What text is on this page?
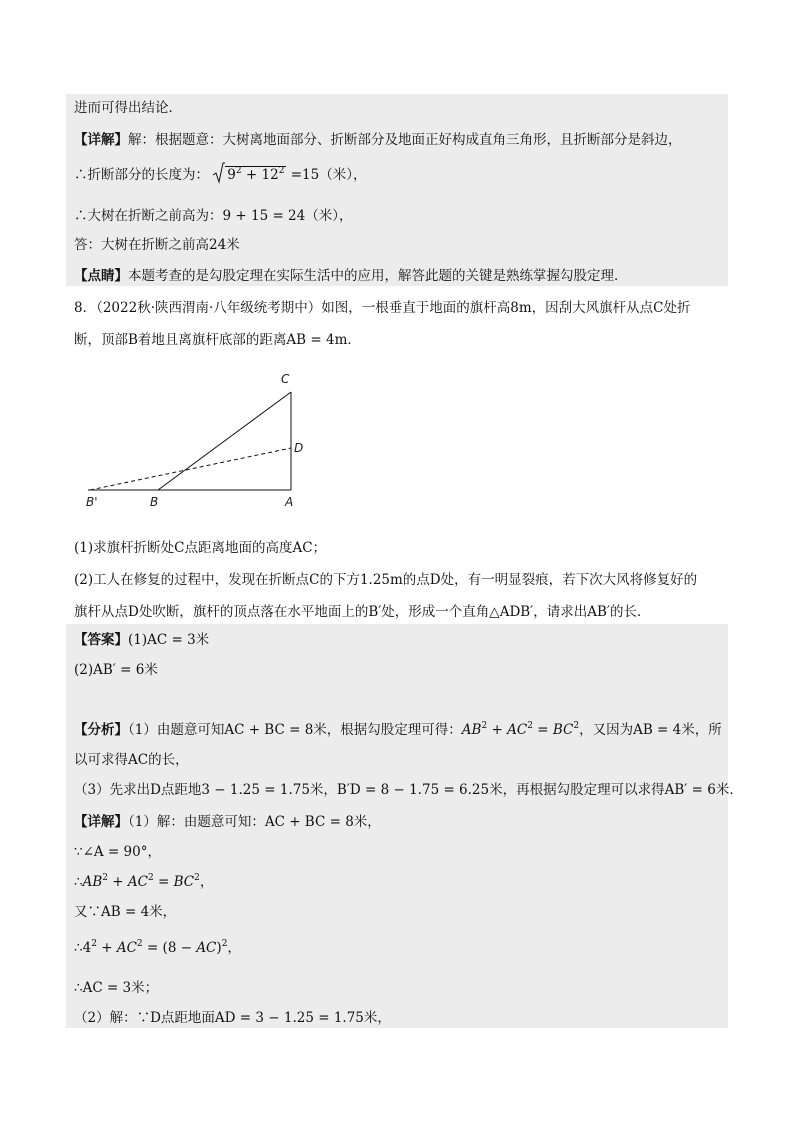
进而可得出结论．
【详解】解：根据题意：大树离地面部分、折断部分及地面正好构成直角三角形，且折断部分是斜边，
∴折断部分的长度为： $9^2 + 12^2 =15$（米），
∴大树在折断之前高为：9 + 15 = 24（米），
答：大树在折断之前高24米
【点睛】本题考查的是勾股定理在实际生活中的应用，解答此题的关键是熟练掌握勾股定理．
8．（2022秋·陕西渭南·八年级统考期中）如图，一根垂直于地面的旗杆高8m，因刮大风旗杆从点C处折
断，顶部B着地且离旗杆底部的距离AB = 4m．
C
D
A
B
B'
(1)求旗杆折断处C点距离地面的高度AC；
(2)工人在修复的过程中，发现在折断点C的下方1.25m的点D处，有一明显裂痕，若下次大风将修复好的
旗杆从点D处吹断，旗杆的顶点落在水平地面上的B′处，形成一个直角△ADB′，请求出AB′的长．
【答案】(1)AC = 3米
(2)AB′ = 6米
【分析】（1）由题意可知AC + BC = 8米，根据勾股定理可得：$AB^2 + AC^2 = BC^2$，又因为AB = 4米，所
以可求得AC的长，
（3）先求出D点距地3 − 1.25 = 1.75米，B′D = 8 − 1.75 = 6.25米，再根据勾股定理可以求得AB′ = 6米．
【详解】（1）解：由题意可知：AC + BC = 8米，
∵∠A = 90°，
$\therefore AB^2 + AC^2 = BC^2$，
又∵AB = 4米，
$\therefore 4^2 + AC^2 = (8 - AC)^2$，
∴AC = 3米；
（2）解：∵D点距地面AD = 3 − 1.25 = 1.75米，
